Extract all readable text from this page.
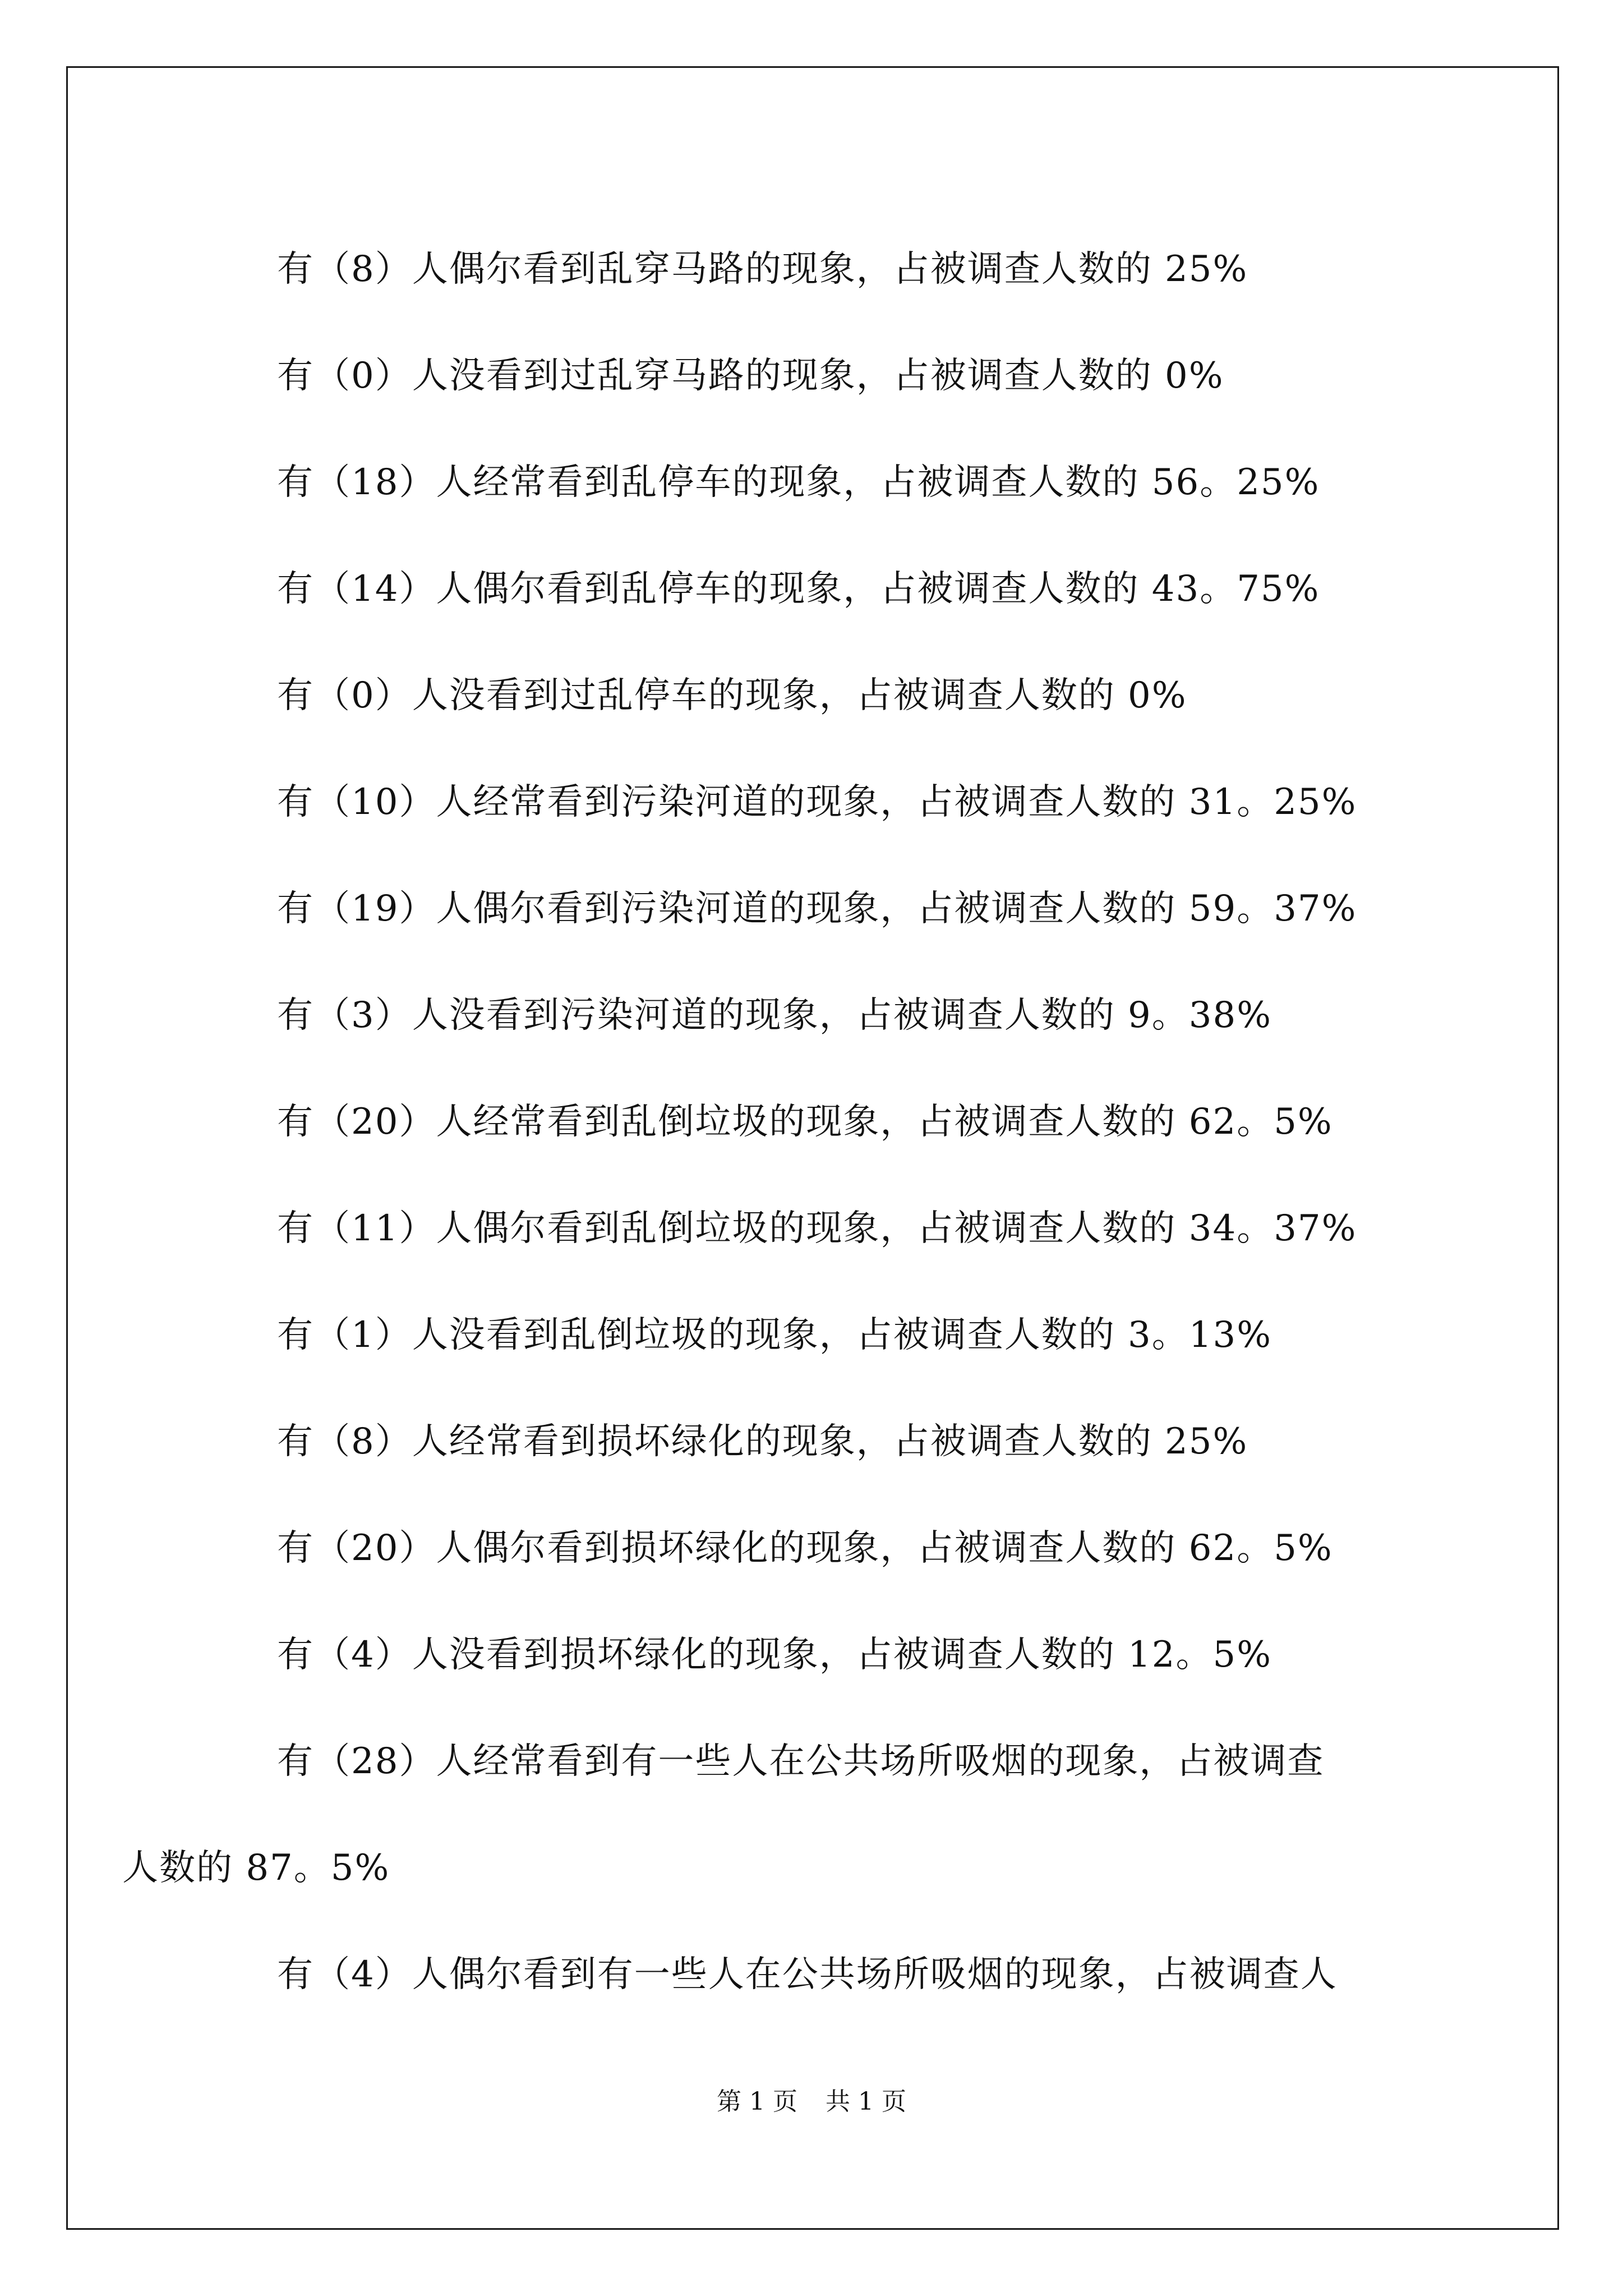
有（8）人偶尔看到乱穿马路的现象，占被调查人数的 25%

有（0）人没看到过乱穿马路的现象，占被调查人数的 0%

有（18）人经常看到乱停车的现象，占被调查人数的 56。25%

有（14）人偶尔看到乱停车的现象，占被调查人数的 43。75%

有（0）人没看到过乱停车的现象，占被调查人数的 0%

有（10）人经常看到污染河道的现象，占被调查人数的 31。25%

有（19）人偶尔看到污染河道的现象，占被调查人数的 59。37%

有（3）人没看到污染河道的现象，占被调查人数的 9。38%

有（20）人经常看到乱倒垃圾的现象，占被调查人数的 62。5%

有（11）人偶尔看到乱倒垃圾的现象，占被调查人数的 34。37%

有（1）人没看到乱倒垃圾的现象，占被调查人数的 3。13%

有（8）人经常看到损坏绿化的现象，占被调查人数的 25%

有（20）人偶尔看到损坏绿化的现象，占被调查人数的 62。5%

有（4）人没看到损坏绿化的现象，占被调查人数的 12。5%

有（28）人经常看到有一些人在公共场所吸烟的现象，占被调查
人数的 87。5%

有（4）人偶尔看到有一些人在公共场所吸烟的现象，占被调查人

第 1 页 共 1 页
